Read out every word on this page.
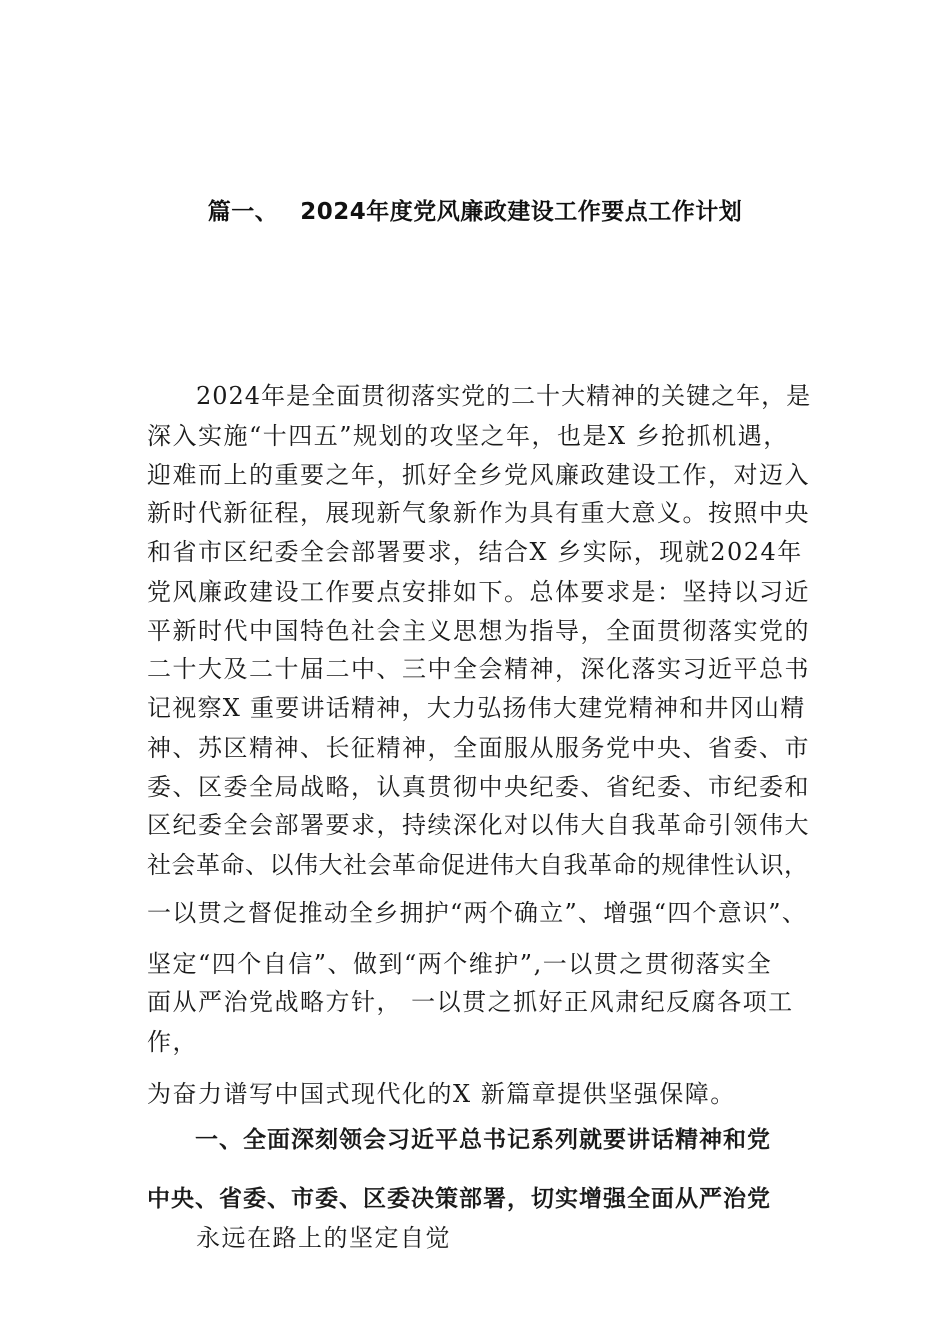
篇一、 2024年度党风廉政建设工作要点工作计划
2024年是全面贯彻落实党的二十大精神的关键之年，是
深入实施“十四五”规划的攻坚之年，也是X 乡抢抓机遇，
迎难而上的重要之年，抓好全乡党风廉政建设工作，对迈入
新时代新征程，展现新气象新作为具有重大意义。按照中央
和省市区纪委全会部署要求，结合X 乡实际，现就2024年
党风廉政建设工作要点安排如下。总体要求是：坚持以习近
平新时代中国特色社会主义思想为指导，全面贯彻落实党的
二十大及二十届二中、三中全会精神，深化落实习近平总书
记视察X 重要讲话精神，大力弘扬伟大建党精神和井冈山精
神、苏区精神、长征精神，全面服从服务党中央、省委、市
委、区委全局战略，认真贯彻中央纪委、省纪委、市纪委和
区纪委全会部署要求，持续深化对以伟大自我革命引领伟大
社会革命、以伟大社会革命促进伟大自我革命的规律性认识，
一以贯之督促推动全乡拥护“两个确立”、增强“四个意识”、
坚定“四个自信”、做到“两个维护”,一以贯之贯彻落实全
面从严治党战略方针， 一以贯之抓好正风肃纪反腐各项工
作，
为奋力谱写中国式现代化的X 新篇章提供坚强保障。
一、全面深刻领会习近平总书记系列就要讲话精神和党
中央、省委、市委、区委决策部署，切实增强全面从严治党
永远在路上的坚定自觉
